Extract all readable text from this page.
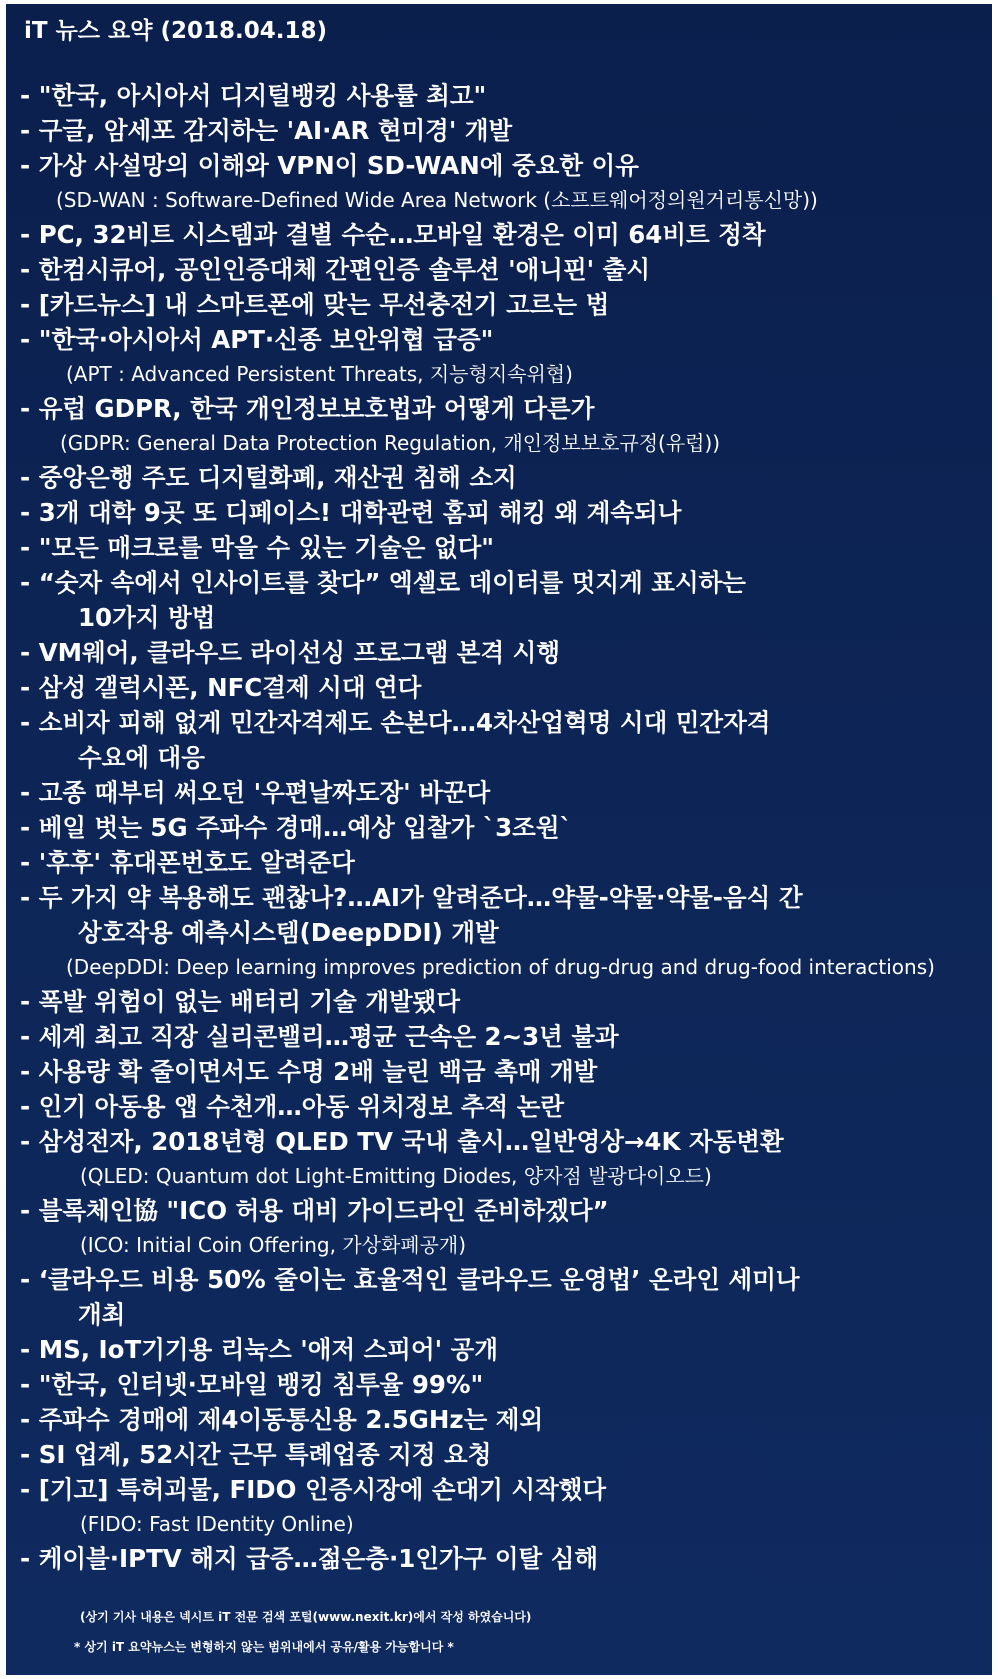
iT 뉴스 요약 (2018.04.18)
- "한국, 아시아서 디지털뱅킹 사용률 최고"
- 구글, 암세포 감지하는 'AI·AR 현미경' 개발
- 가상 사설망의 이해와 VPN이 SD-WAN에 중요한 이유
(SD-WAN : Software-Defined Wide Area Network (소프트웨어정의원거리통신망))
- PC, 32비트 시스템과 결별 수순…모바일 환경은 이미 64비트 정착
- 한컴시큐어, 공인인증대체 간편인증 솔루션 '애니핀' 출시
- [카드뉴스] 내 스마트폰에 맞는 무선충전기 고르는 법
- "한국·아시아서 APT·신종 보안위협 급증"
(APT : Advanced Persistent Threats, 지능형지속위협)
- 유럽 GDPR, 한국 개인정보보호법과 어떻게 다른가
(GDPR: General Data Protection Regulation, 개인정보보호규정(유럽))
- 중앙은행 주도 디지털화폐, 재산권 침해 소지
- 3개 대학 9곳 또 디페이스! 대학관련 홈피 해킹 왜 계속되나
- "모든 매크로를 막을 수 있는 기술은 없다"
- “숫자 속에서 인사이트를 찾다” 엑셀로 데이터를 멋지게 표시하는
10가지 방법
- VM웨어, 클라우드 라이선싱 프로그램 본격 시행
- 삼성 갤럭시폰, NFC결제 시대 연다
- 소비자 피해 없게 민간자격제도 손본다…4차산업혁명 시대 민간자격
수요에 대응
- 고종 때부터 써오던 '우편날짜도장' 바꾼다
- 베일 벗는 5G 주파수 경매…예상 입찰가 `3조원`
- '후후' 휴대폰번호도 알려준다
- 두 가지 약 복용해도 괜찮나?…AI가 알려준다…약물-약물·약물-음식 간
상호작용 예측시스템(DeepDDI) 개발
(DeepDDI: Deep learning improves prediction of drug-drug and drug-food interactions)
- 폭발 위험이 없는 배터리 기술 개발됐다
- 세계 최고 직장 실리콘밸리…평균 근속은 2~3년 불과
- 사용량 확 줄이면서도 수명 2배 늘린 백금 촉매 개발
- 인기 아동용 앱 수천개…아동 위치정보 추적 논란
- 삼성전자, 2018년형 QLED TV 국내 출시…일반영상→4K 자동변환
(QLED: Quantum dot Light-Emitting Diodes, 양자점 발광다이오드)
- 블록체인協 "ICO 허용 대비 가이드라인 준비하겠다”
(ICO: Initial Coin Offering, 가상화폐공개)
- ‘클라우드 비용 50% 줄이는 효율적인 클라우드 운영법’ 온라인 세미나
개최
- MS, IoT기기용 리눅스 '애저 스피어' 공개
- "한국, 인터넷·모바일 뱅킹 침투율 99%"
- 주파수 경매에 제4이동통신용 2.5GHz는 제외
- SI 업계, 52시간 근무 특례업종 지정 요청
- [기고] 특허괴물, FIDO 인증시장에 손대기 시작했다
(FIDO: Fast IDentity Online)
- 케이블·IPTV 해지 급증…젊은층·1인가구 이탈 심해
(상기 기사 내용은 넥시트 iT 전문 검색 포털(www.nexit.kr)에서 작성 하였습니다)
* 상기 iT 요약뉴스는 변형하지 않는 범위내에서 공유/활용 가능합니다 *
